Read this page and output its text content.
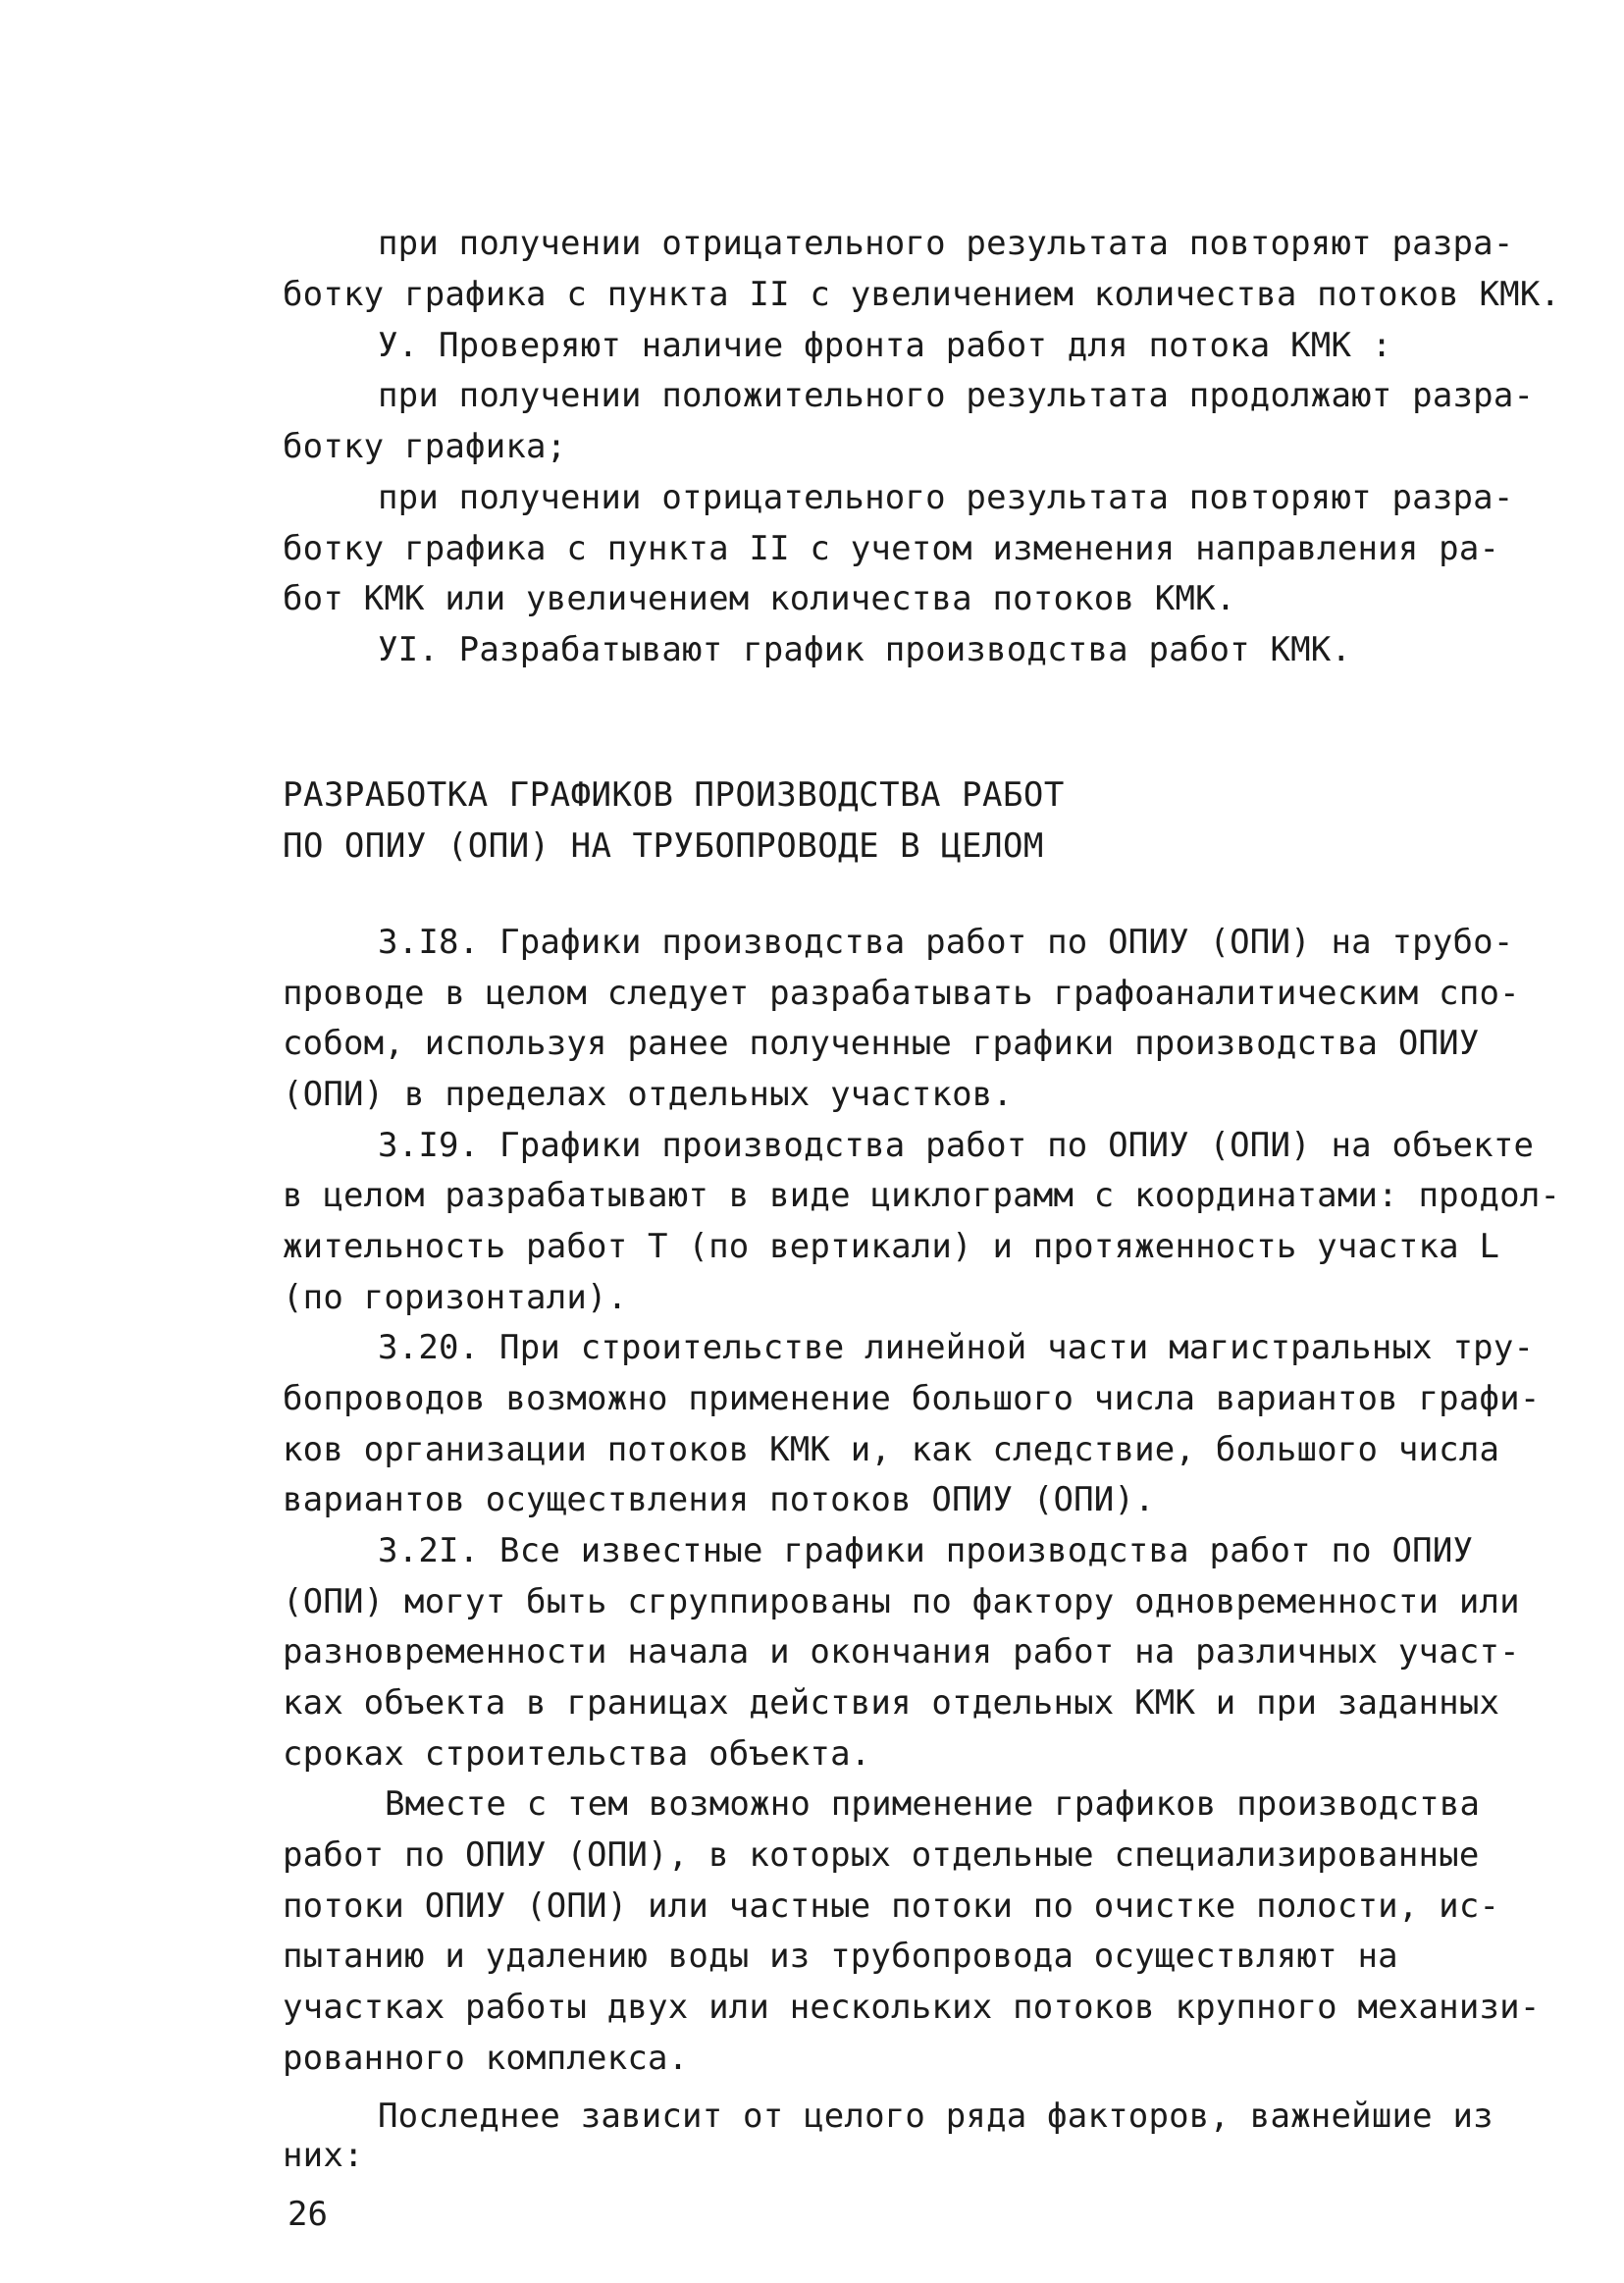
при получении отрицательного результата повторяют разра-
ботку графика с пункта II с увеличением количества потоков КМК.
У. Проверяют наличие фронта работ для потока КМК :
при получении положительного результата продолжают разра-
ботку графика;
при получении отрицательного результата повторяют разра-
ботку графика с пункта II с учетом изменения направления ра-
бот КМК или увеличением количества потоков КМК.
УI. Разрабатывают график производства работ КМК.
РАЗРАБОТКА ГРАФИКОВ ПРОИЗВОДСТВА РАБОТ
ПО ОПИУ (ОПИ) НА ТРУБОПРОВОДЕ В ЦЕЛОМ
3.I8. Графики производства работ по ОПИУ (ОПИ) на трубо-
проводе в целом следует разрабатывать графоаналитическим спо-
собом, используя ранее полученные графики производства ОПИУ
(ОПИ) в пределах отдельных участков.
3.I9. Графики производства работ по ОПИУ (ОПИ) на объекте
в целом разрабатывают в виде циклограмм с координатами: продол-
жительность работ Т (по вертикали) и протяженность участка L
(по горизонтали).
3.20. При строительстве линейной части магистральных тру-
бопроводов возможно применение большого числа вариантов графи-
ков организации потоков КМК и, как следствие, большого числа
вариантов осуществления потоков ОПИУ (ОПИ).
3.2I. Все известные графики производства работ по ОПИУ
(ОПИ) могут быть сгруппированы по фактору одновременности или
разновременности начала и окончания работ на различных участ-
ках объекта в границах действия отдельных КМК и при заданных
сроках строительства объекта.
Вместе с тем возможно применение графиков производства
работ по ОПИУ (ОПИ), в которых отдельные специализированные
потоки ОПИУ (ОПИ) или частные потоки по очистке полости, ис-
пытанию и удалению воды из трубопровода осуществляют на
участках работы двух или нескольких потоков крупного механизи-
рованного комплекса.
Последнее зависит от целого ряда факторов, важнейшие из
них:
26
